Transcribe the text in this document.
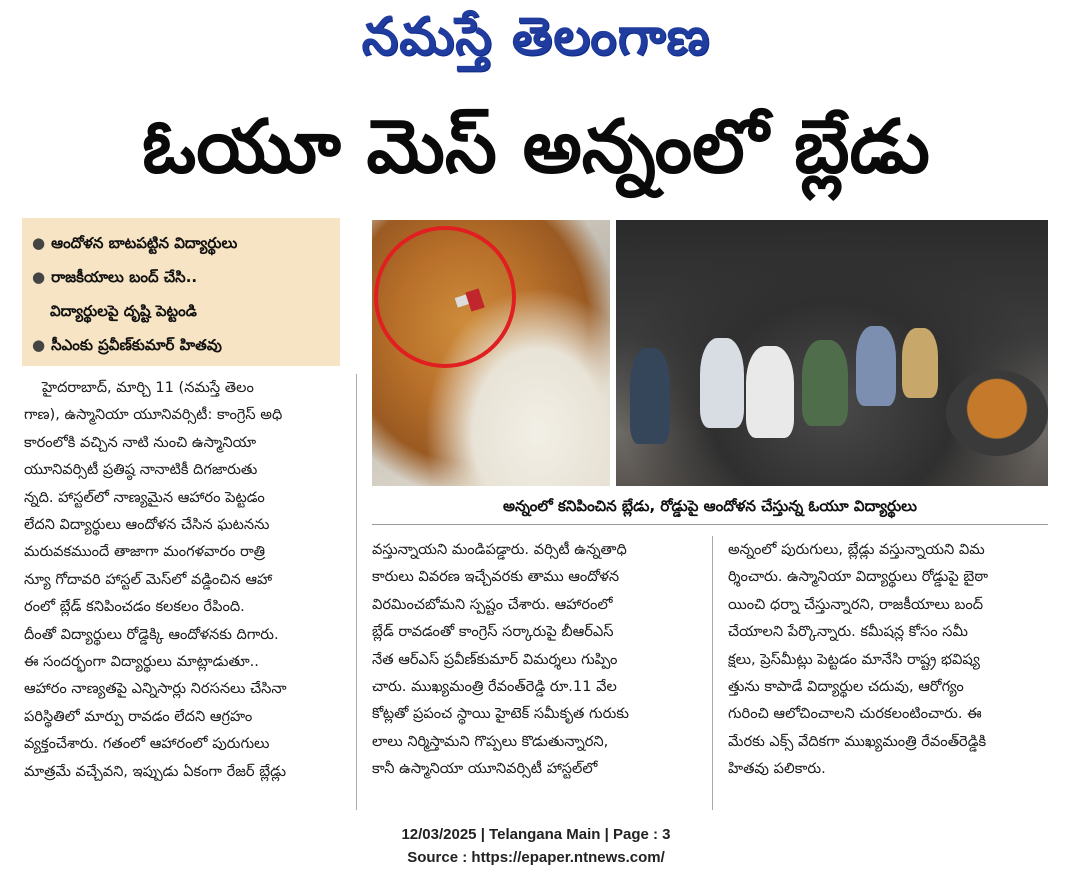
నమస్తే తెలంగాణ
ఓయూ మెస్ అన్నంలో బ్లేడు
● ఆందోళన బాటపట్టిన విద్యార్థులు
● రాజకీయాలు బంద్ చేసి..
విద్యార్థులపై దృష్టి పెట్టండి
● సీఎంకు ప్రవీణ్‌కుమార్ హితవు
అన్నంలో కనిపించిన బ్లేడు, రోడ్డుపై ఆందోళన చేస్తున్న ఓయూ విద్యార్థులు
హైదరాబాద్, మార్చి 11 (నమస్తే తెలం
గాణ), ఉస్మానియా యూనివర్సిటీ: కాంగ్రెస్ అధి
కారంలోకి వచ్చిన నాటి నుంచి ఉస్మానియా
యూనివర్సిటీ ప్రతిష్ఠ నానాటికీ దిగజారుతు
న్నది. హాస్టల్‌లో నాణ్యమైన ఆహారం పెట్టడం
లేదని విద్యార్థులు ఆందోళన చేసిన ఘటనను
మరువకముందే తాజాగా మంగళవారం రాత్రి
న్యూ గోదావరి హాస్టల్ మెస్‌లో వడ్డించిన ఆహా
రంలో బ్లేడ్ కనిపించడం కలకలం రేపింది.
దీంతో విద్యార్థులు రోడ్డెక్కి ఆందోళనకు దిగారు.
ఈ సందర్భంగా విద్యార్థులు మాట్లాడుతూ..
ఆహారం నాణ్యతపై ఎన్నిసార్లు నిరసనలు చేసినా
పరిస్థితిలో మార్పు రావడం లేదని ఆగ్రహం
వ్యక్తంచేశారు. గతంలో ఆహారంలో పురుగులు
మాత్రమే వచ్చేవని, ఇప్పుడు ఏకంగా రేజర్ బ్లేడ్లు
వస్తున్నాయని మండిపడ్డారు. వర్సిటీ ఉన్నతాధి
కారులు వివరణ ఇచ్చేవరకు తాము ఆందోళన
విరమించబోమని స్పష్టం చేశారు. ఆహారంలో
బ్లేడ్ రావడంతో కాంగ్రెస్ సర్కారుపై బీఆర్ఎస్
నేత ఆర్ఎస్ ప్రవీణ్‌కుమార్ విమర్శలు గుప్పిం
చారు. ముఖ్యమంత్రి రేవంత్‌రెడ్డి రూ.11 వేల
కోట్లతో ప్రపంచ స్థాయి హైటెక్ సమీకృత గురుకు
లాలు నిర్మిస్తామని గొప్పలు కొడుతున్నారని,
కానీ ఉస్మానియా యూనివర్సిటీ హాస్టల్‌లో
అన్నంలో పురుగులు, బ్లేడ్లు వస్తున్నాయని విమ
ర్శించారు. ఉస్మానియా విద్యార్థులు రోడ్డుపై బైఠా
యించి ధర్నా చేస్తున్నారని, రాజకీయాలు బంద్
చేయాలని పేర్కొన్నారు. కమీషన్ల కోసం సమీ
క్షలు, ప్రెస్‌మీట్లు పెట్టడం మానేసి రాష్ట్ర భవిష్య
త్తును కాపాడే విద్యార్థుల చదువు, ఆరోగ్యం
గురించి ఆలోచించాలని చురకలంటించారు. ఈ
మేరకు ఎక్స్ వేదికగా ముఖ్యమంత్రి రేవంత్‌రెడ్డికి
హితవు పలికారు.
12/03/2025 | Telangana Main | Page : 3
Source : https://epaper.ntnews.com/
